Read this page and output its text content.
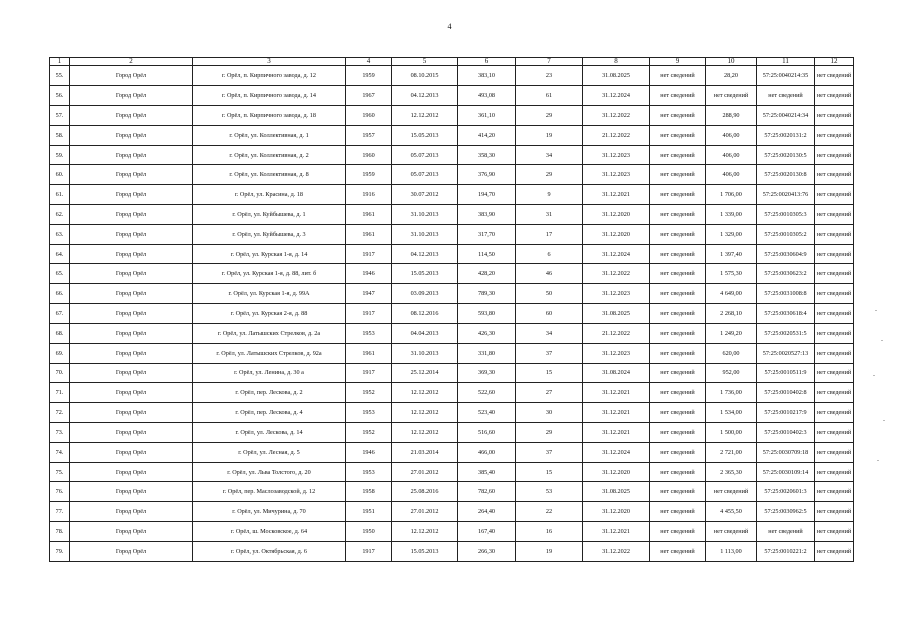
4
1	2	3	4	5	6	7	8	9	10	11	12
55.	Город Орёл	г. Орёл, п. Кирпичного завода, д. 12	1959	08.10.2015	383,10	23	31.08.2025	нет сведений	28,20	57:25:0040214:35	нет сведений
56.	Город Орёл	г. Орёл, п. Кирпичного завода, д. 14	1967	04.12.2013	493,08	61	31.12.2024	нет сведений	нет сведений	нет сведений	нет сведений
57.	Город Орёл	г. Орёл, п. Кирпичного завода, д. 18	1960	12.12.2012	361,10	29	31.12.2022	нет сведений	288,90	57:25:0040214:34	нет сведений
58.	Город Орёл	г. Орёл, ул. Коллективная, д. 1	1957	15.05.2013	414,20	19	21.12.2022	нет сведений	406,00	57:25:0020131:2	нет сведений
59.	Город Орёл	г. Орёл, ул. Коллективная, д. 2	1960	05.07.2013	358,30	34	31.12.2023	нет сведений	406,00	57:25:0020130:5	нет сведений
60.	Город Орёл	г. Орёл, ул. Коллективная, д. 8	1959	05.07.2013	376,90	29	31.12.2023	нет сведений	406,00	57:25:0020130:8	нет сведений
61.	Город Орёл	г. Орёл, ул. Красина, д. 18	1916	30.07.2012	194,70	9	31.12.2021	нет сведений	1 706,00	57:25:0020413:76	нет сведений
62.	Город Орёл	г. Орёл, ул. Куйбышева, д. 1	1961	31.10.2013	383,90	31	31.12.2020	нет сведений	1 339,00	57:25:0010305:3	нет сведений
63.	Город Орёл	г. Орёл, ул. Куйбышева, д. 3	1961	31.10.2013	317,70	17	31.12.2020	нет сведений	1 329,00	57:25:0010305:2	нет сведений
64.	Город Орёл	г. Орёл, ул. Курская 1-я, д. 14	1917	04.12.2013	114,50	6	31.12.2024	нет сведений	1 397,40	57:25:0030604:9	нет сведений
65.	Город Орёл	г. Орёл, ул. Курская 1-я, д. 88, лит. б	1946	15.05.2013	428,20	46	31.12.2022	нет сведений	1 575,30	57:25:0030623:2	нет сведений
66.	Город Орёл	г. Орёл, ул. Курская 1-я, д. 99А	1947	03.09.2013	789,30	50	31.12.2023	нет сведений	4 649,00	57:25:0031008:8	нет сведений
67.	Город Орёл	г. Орёл, ул. Курская 2-я, д. 88	1917	08.12.2016	593,80	60	31.08.2025	нет сведений	2 268,10	57:25:0030618:4	нет сведений
68.	Город Орёл	г. Орёл, ул. Латышских Стрелков, д. 2а	1953	04.04.2013	426,30	34	21.12.2022	нет сведений	1 249,20	57:25:0020531:5	нет сведений
69.	Город Орёл	г. Орёл, ул. Латышских Стрелков, д. 92а	1961	31.10.2013	331,80	37	31.12.2023	нет сведений	620,00	57:25:0020527:13	нет сведений
70.	Город Орёл	г. Орёл, ул. Ленина, д. 30 а	1917	25.12.2014	369,30	15	31.08.2024	нет сведений	952,00	57:25:0010511:9	нет сведений
71.	Город Орёл	г. Орёл, пер. Лескова, д. 2	1952	12.12.2012	522,60	27	31.12.2021	нет сведений	1 736,00	57:25:0010402:8	нет сведений
72.	Город Орёл	г. Орёл, пер. Лескова, д. 4	1953	12.12.2012	523,40	30	31.12.2021	нет сведений	1 534,00	57:25:0010217:9	нет сведений
73.	Город Орёл	г. Орёл, ул. Лескова, д. 14	1952	12.12.2012	516,60	29	31.12.2021	нет сведений	1 500,00	57:25:0010402:3	нет сведений
74.	Город Орёл	г. Орёл, ул. Лесная, д. 5	1946	21.03.2014	466,00	37	31.12.2024	нет сведений	2 721,00	57:25:0030709:18	нет сведений
75.	Город Орёл	г. Орёл, ул. Льва Толстого, д. 20	1953	27.01.2012	385,40	15	31.12.2020	нет сведений	2 365,30	57:25:0030109:14	нет сведений
76.	Город Орёл	г. Орёл, пер. Маслозаводской, д. 12	1958	25.08.2016	782,60	53	31.08.2025	нет сведений	нет сведений	57:25:0020601:3	нет сведений
77.	Город Орёл	г. Орёл, ул. Мичурина, д. 70	1951	27.01.2012	264,40	22	31.12.2020	нет сведений	4 455,50	57:25:0030962:5	нет сведений
78.	Город Орёл	г. Орёл, ш. Московское, д. 64	1950	12.12.2012	167,40	16	31.12.2021	нет сведений	нет сведений	нет сведений	нет сведений
79.	Город Орёл	г. Орёл, ул. Октябрьская, д. 6	1917	15.05.2013	266,30	19	31.12.2022	нет сведений	1 113,00	57:25:0010221:2	нет сведений
